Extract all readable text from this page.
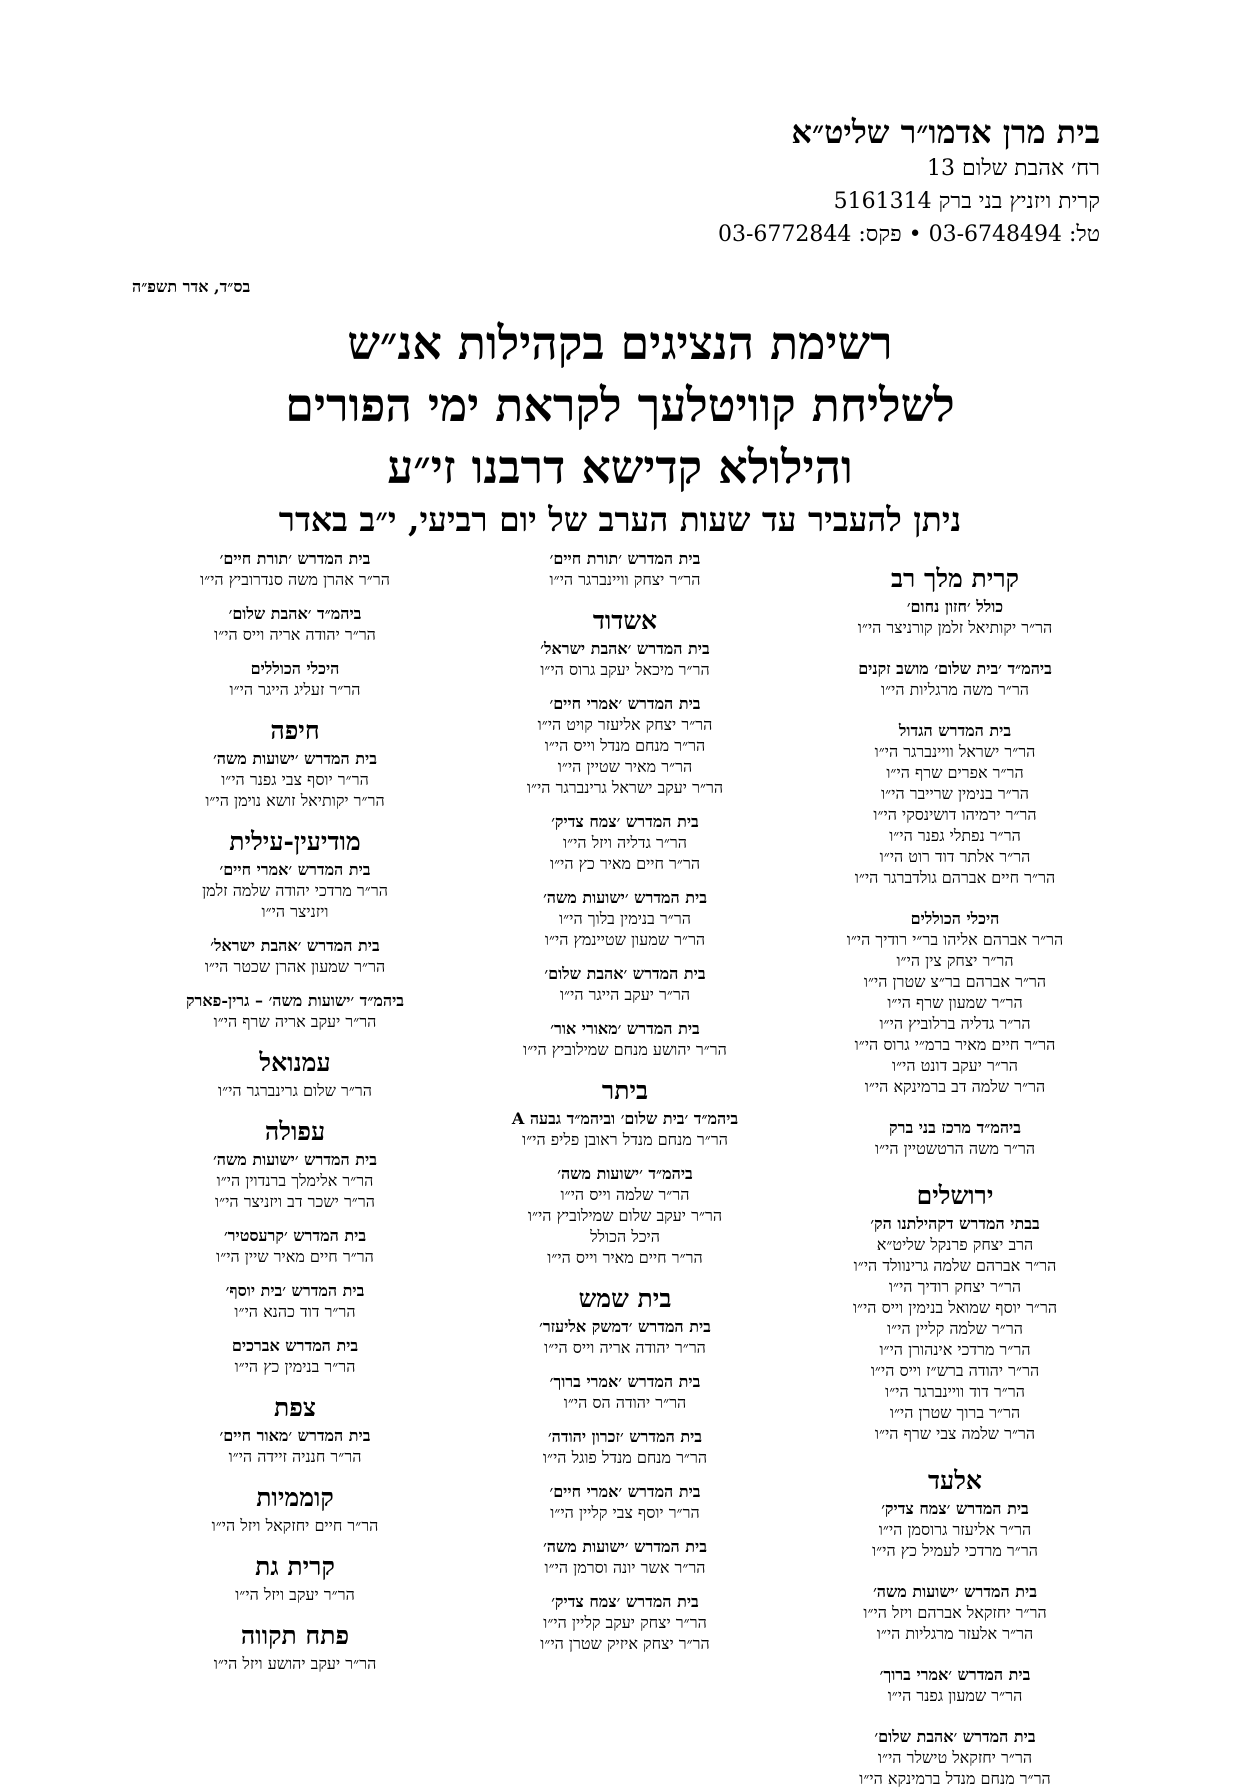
בית מרן אדמו״ר שליט״א
רח׳ אהבת שלום 13
קרית ויזניץ בני ברק 5161314
טל: 03-6748494 • פקס: 03-6772844
בס״ד, אדר תשפ״ה
רשימת הנציגים בקהילות אנ״ש
לשליחת קוויטלעך לקראת ימי הפורים
והילולא קדישא דרבנו זי״ע
ניתן להעביר עד שעות הערב של יום רביעי, י״ב באדר
קרית מלך רב
כולל ׳חזון נחום׳
הר״ר יקותיאל זלמן קורניצר הי״ו
ביהמ״ד ׳בית שלום׳ מושב זקנים
הר״ר משה מרגליות הי״ו
בית המדרש הגדול
הר״ר ישראל וויינברגר הי״ו
הר״ר אפרים שרף הי״ו
הר״ר בנימין שרייבר הי״ו
הר״ר ירמיהו דושינסקי הי״ו
הר״ר נפתלי גפנר הי״ו
הר״ר אלתר דוד רוט הי״ו
הר״ר חיים אברהם גולדברגר הי״ו
היכלי הכוללים
הר״ר אברהם אליהו בר״י רודיך הי״ו
הר״ר יצחק צין הי״ו
הר״ר אברהם בר״צ שטרן הי״ו
הר״ר שמעון שרף הי״ו
הר״ר גדליה ברלוביץ הי״ו
הר״ר חיים מאיר ברמ״י גרוס הי״ו
הר״ר יעקב דונט הי״ו
הר״ר שלמה דב ברמינקא הי״ו
ביהמ״ד מרכז בני ברק
הר״ר משה הרטשטיין הי״ו
ירושלים
בבתי המדרש דקהילתנו הק׳
הרב יצחק פרנקל שליט״א
הר״ר אברהם שלמה גרינוולד הי״ו
הר״ר יצחק רודיך הי״ו
הר״ר יוסף שמואל בנימין וייס הי״ו
הר״ר שלמה קליין הי״ו
הר״ר מרדכי אינהורן הי״ו
הר״ר יהודה ברש״ז וייס הי״ו
הר״ר דוד וויינברגר הי״ו
הר״ר ברוך שטרן הי״ו
הר״ר שלמה צבי שרף הי״ו
אלעד
בית המדרש ׳צמח צדיק׳
הר״ר אליעזר גרוסמן הי״ו
הר״ר מרדכי לעמיל כץ הי״ו
בית המדרש ׳ישועות משה׳
הר״ר יחזקאל אברהם ויזל הי״ו
הר״ר אלעזר מרגליות הי״ו
בית המדרש ׳אמרי ברוך׳
הר״ר שמעון גפנר הי״ו
בית המדרש ׳אהבת שלום׳
הר״ר יחזקאל טישלר הי״ו
הר״ר מנחם מנדל ברמינקא הי״ו
בית המדרש ׳תורת חיים׳
הר״ר יצחק וויינברגר הי״ו
אשדוד
בית המדרש ׳אהבת ישראל׳
הר״ר מיכאל יעקב גרוס הי״ו
בית המדרש ׳אמרי חיים׳
הר״ר יצחק אליעזר קויט הי״ו
הר״ר מנחם מנדל וייס הי״ו
הר״ר מאיר שטיין הי״ו
הר״ר יעקב ישראל גרינברגר הי״ו
בית המדרש ׳צמח צדיק׳
הר״ר גדליה ויזל הי״ו
הר״ר חיים מאיר כץ הי״ו
בית המדרש ׳ישועות משה׳
הר״ר בנימין בלוך הי״ו
הר״ר שמעון שטיינמץ הי״ו
בית המדרש ׳אהבת שלום׳
הר״ר יעקב הייגר הי״ו
בית המדרש ׳מאורי אור׳
הר״ר יהושע מנחם שמילוביץ הי״ו
ביתר
ביהמ״ד ׳בית שלום׳ וביהמ״ד גבעה A
הר״ר מנחם מנדל ראובן פליפ הי״ו
ביהמ״ד ׳ישועות משה׳
הר״ר שלמה וייס הי״ו
הר״ר יעקב שלום שמילוביץ הי״ו
היכל הכולל
הר״ר חיים מאיר וייס הי״ו
בית שמש
בית המדרש ׳דמשק אליעזר׳
הר״ר יהודה אריה וייס הי״ו
בית המדרש ׳אמרי ברוך׳
הר״ר יהודה הס הי״ו
בית המדרש ׳זכרון יהודה׳
הר״ר מנחם מנדל פוגל הי״ו
בית המדרש ׳אמרי חיים׳
הר״ר יוסף צבי קליין הי״ו
בית המדרש ׳ישועות משה׳
הר״ר אשר יונה וסרמן הי״ו
בית המדרש ׳צמח צדיק׳
הר״ר יצחק יעקב קליין הי״ו
הר״ר יצחק איזיק שטרן הי״ו
בית המדרש ׳תורת חיים׳
הר״ר אהרן משה סנדרוביץ הי״ו
ביהמ״ד ׳אהבת שלום׳
הר״ר יהודה אריה וייס הי״ו
היכלי הכוללים
הר״ר זעליג הייגר הי״ו
חיפה
בית המדרש ׳ישועות משה׳
הר״ר יוסף צבי גפנר הי״ו
הר״ר יקותיאל זושא נוימן הי״ו
מודיעין-עילית
בית המדרש ׳אמרי חיים׳
הר״ר מרדכי יהודה שלמה זלמן
ויזניצר הי״ו
בית המדרש ׳אהבת ישראל׳
הר״ר שמעון אהרן שכטר הי״ו
ביהמ״ד ׳ישועות משה׳ – גרין-פארק
הר״ר יעקב אריה שרף הי״ו
עמנואל
הר״ר שלום גרינברגר הי״ו
עפולה
בית המדרש ׳ישועות משה׳
הר״ר אלימלך ברנדוין הי״ו
הר״ר ישכר דב ויזניצר הי״ו
בית המדרש ׳קרעסטיר׳
הר״ר חיים מאיר שיין הי״ו
בית המדרש ׳בית יוסף׳
הר״ר דוד כהנא הי״ו
בית המדרש אברכים
הר״ר בנימין כץ הי״ו
צפת
בית המדרש ׳מאור חיים׳
הר״ר חנניה זיידה הי״ו
קוממיות
הר״ר חיים יחזקאל ויזל הי״ו
קרית גת
הר״ר יעקב ויזל הי״ו
פתח תקווה
הר״ר יעקב יהושע ויזל הי״ו
